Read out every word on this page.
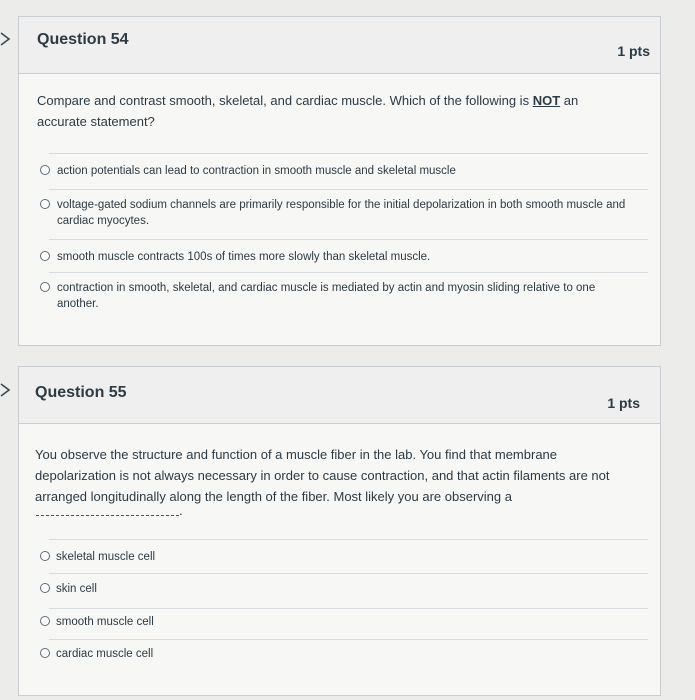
Question 54
1 pts
Compare and contrast smooth, skeletal, and cardiac muscle. Which of the following is NOT an accurate statement?
action potentials can lead to contraction in smooth muscle and skeletal muscle
voltage-gated sodium channels are primarily responsible for the initial depolarization in both smooth muscle and cardiac myocytes.
smooth muscle contracts 100s of times more slowly than skeletal muscle.
contraction in smooth, skeletal, and cardiac muscle is mediated by actin and myosin sliding relative to one another.
Question 55
1 pts
You observe the structure and function of a muscle fiber in the lab. You find that membrane depolarization is not always necessary in order to cause contraction, and that actin filaments are not arranged longitudinally along the length of the fiber. Most likely you are observing a
.
skeletal muscle cell
skin cell
smooth muscle cell
cardiac muscle cell
